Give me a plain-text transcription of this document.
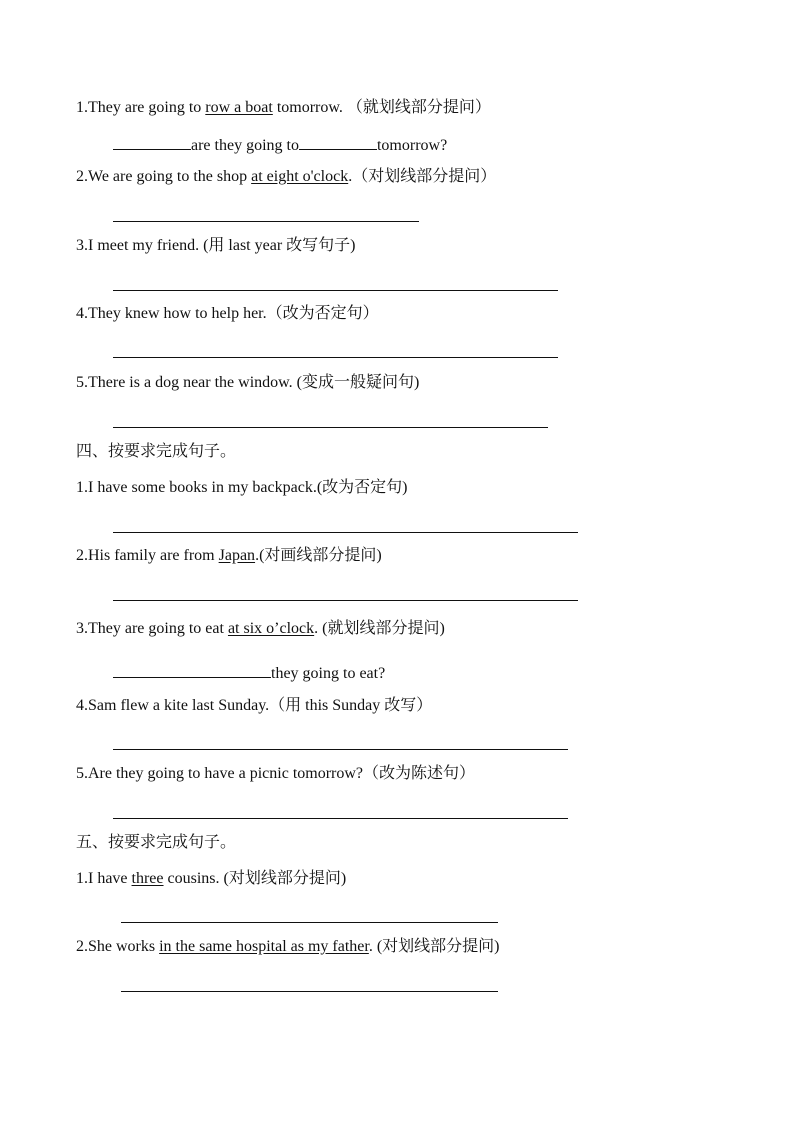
1.They are going to row a boat tomorrow. （就划线部分提问）
are they going to	tomorrow?
2.We are going to the shop at eight o'clock.（对划线部分提问）
3.I meet my friend. (用 last year 改写句子)
4.They knew how to help her.（改为否定句）
5.There is a dog near the window. (变成一般疑问句)
四、按要求完成句子。
1.I have some books in my backpack.(改为否定句)
2.His family are from Japan.(对画线部分提问)
3.They are going to eat at six o’clock. (就划线部分提问)
they going to eat?
4.Sam flew a kite last Sunday.（用 this Sunday 改写）
5.Are they going to have a picnic tomorrow?（改为陈述句）
五、按要求完成句子。
1.I have three cousins. (对划线部分提问)
2.She works in the same hospital as my father. (对划线部分提问)
